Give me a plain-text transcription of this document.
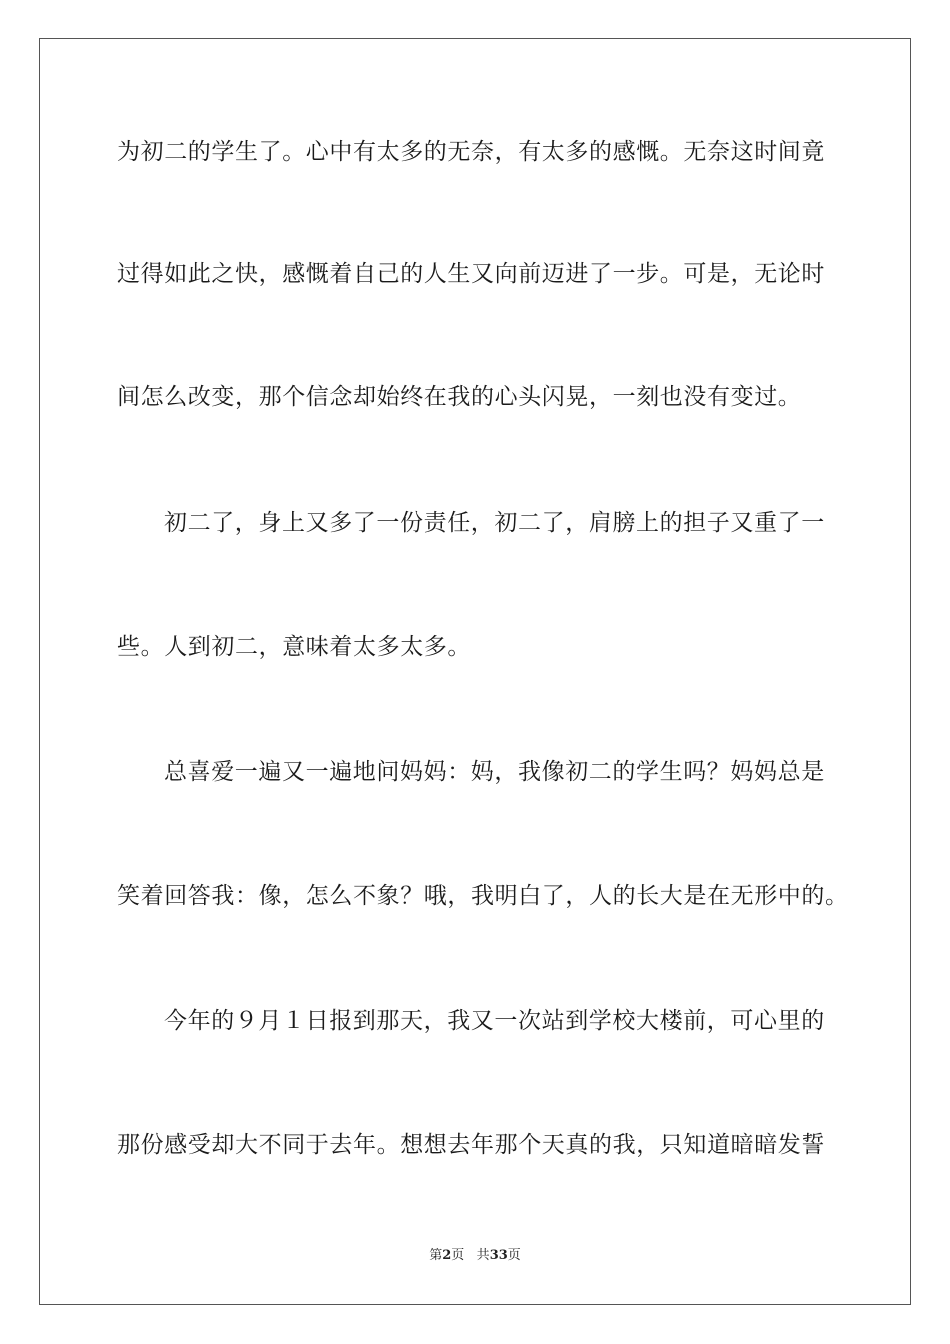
为初二的学生了。心中有太多的无奈，有太多的感慨。无奈这时间竟
过得如此之快，感慨着自己的人生又向前迈进了一步。可是，无论时
间怎么改变，那个信念却始终在我的心头闪晃，一刻也没有变过。
初二了，身上又多了一份责任，初二了，肩膀上的担子又重了一
些。人到初二，意味着太多太多。
总喜爱一遍又一遍地问妈妈：妈，我像初二的学生吗？妈妈总是
笑着回答我：像，怎么不象？哦，我明白了，人的长大是在无形中的。
今年的９月１日报到那天，我又一次站到学校大楼前，可心里的
那份感受却大不同于去年。想想去年那个天真的我，只知道暗暗发誓
第2页 共33页
